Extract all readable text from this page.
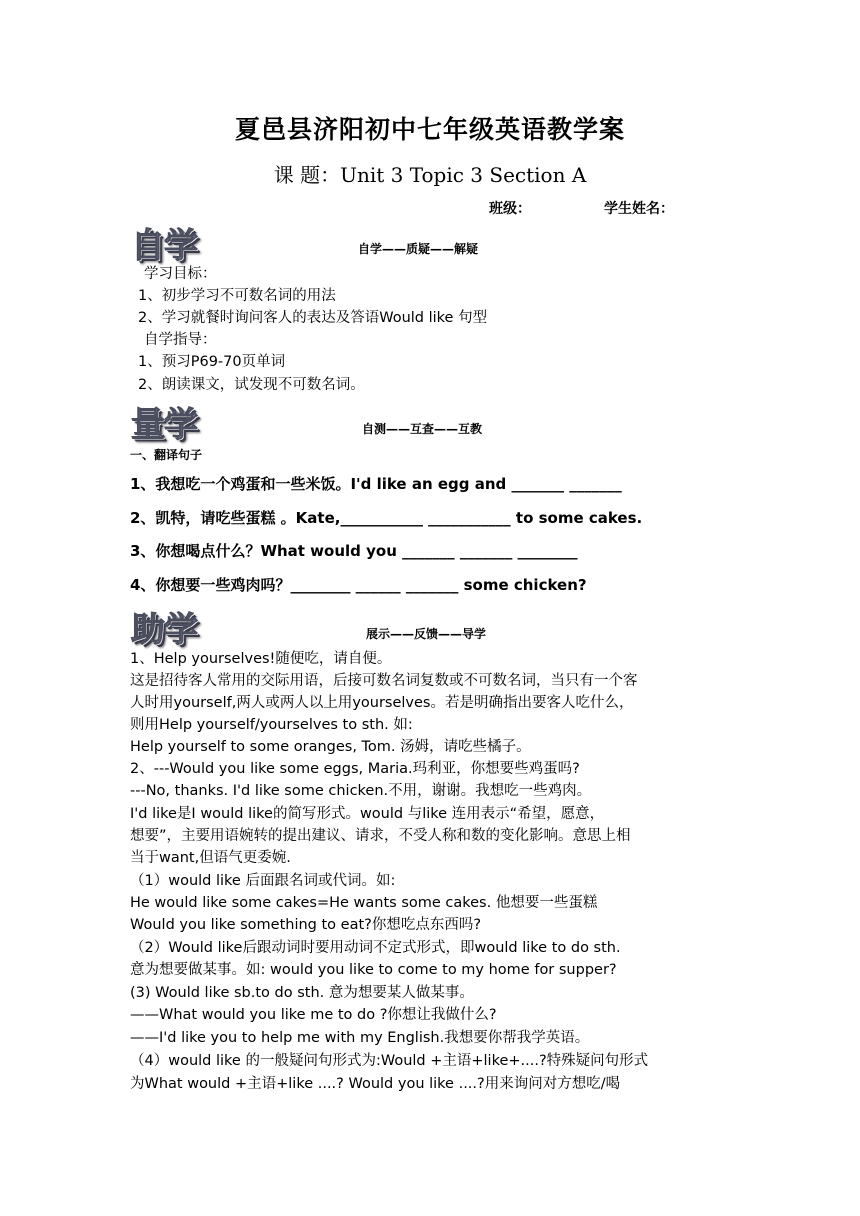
夏邑县济阳初中七年级英语教学案
课 题：Unit 3 Topic 3 Section A
班级：	学生姓名：
自学	自学——质疑——解疑
学习目标：
1、初步学习不可数名词的用法
2、学习就餐时询问客人的表达及答语Would like 句型
自学指导：
1、预习P69-70页单词
2、朗读课文，试发现不可数名词。
量学	自测——互查——互教
一、翻译句子
1、我想吃一个鸡蛋和一些米饭。I'd like an egg and _______ _______
2、凯特，请吃些蛋糕 。Kate,___________ ___________ to some cakes.
3、你想喝点什么？What would you _______ _______ ________
4、你想要一些鸡肉吗？________ ______ _______ some chicken?
助学	展示——反馈——导学
1、Help yourselves!随便吃，请自便。
这是招待客人常用的交际用语，后接可数名词复数或不可数名词，当只有一个客
人时用yourself,两人或两人以上用yourselves。若是明确指出要客人吃什么，
则用Help yourself/yourselves to sth. 如:
Help yourself to some oranges, Tom. 汤姆，请吃些橘子。
2、---Would you like some eggs, Maria.玛利亚，你想要些鸡蛋吗?
---No, thanks. I'd like some chicken.不用，谢谢。我想吃一些鸡肉。
I'd like是I would like的简写形式。would 与like 连用表示“希望，愿意，
想要”，主要用语婉转的提出建议、请求，不受人称和数的变化影响。意思上相
当于want,但语气更委婉.
（1）would like 后面跟名词或代词。如:
He would like some cakes=He wants some cakes. 他想要一些蛋糕
Would you like something to eat?你想吃点东西吗?
（2）Would like后跟动词时要用动词不定式形式，即would like to do sth.
意为想要做某事。如: would you like to come to my home for supper?
(3) Would like sb.to do sth. 意为想要某人做某事。
——What would you like me to do ?你想让我做什么?
——I'd like you to help me with my English.我想要你帮我学英语。
（4）would like 的一般疑问句形式为:Would +主语+like+....?特殊疑问句形式
为What would +主语+like ....? Would you like ....?用来询问对方想吃/喝
